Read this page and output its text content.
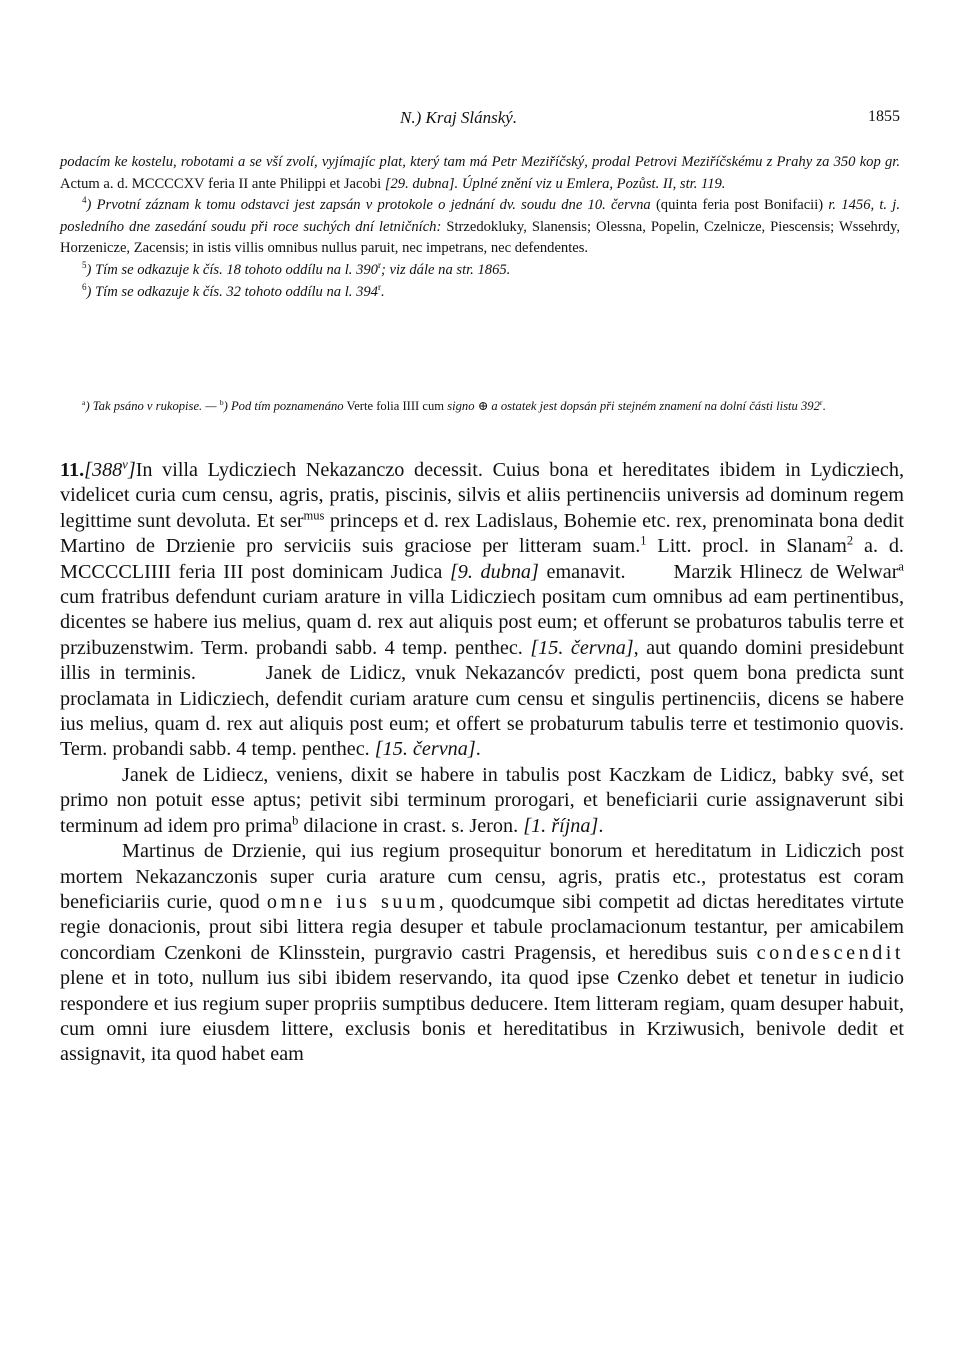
N.) Kraj Slánský.	1855

podacím ke kostelu, robotami a se vší zvolí, vyjímajíc plat, který tam má Petr Meziříčský, prodal Petrovi Meziříčskému z Prahy za 350 kop gr. Actum a. d. MCCCCXV feria II ante Philippi et Jacobi [29. dubna]. Úplné znění viz u Emlera, Pozůst. II, str. 119.

$^4$) Prvotní záznam k tomu odstavci jest zapsán v protokole o jednání dv. soudu dne 10. června (quinta feria post Bonifacii) r. 1456, t. j. posledního dne zasedání soudu při roce suchých dní letničních: Strzedokluky, Slanensis; Olessna, Popelin, Czelnicze, Piescensis; Wssehrdy, Horzenicze, Zacensis; in istis villis omnibus nullus paruit, nec impetrans, nec defendentes.

$^5$) Tím se odkazuje k čís. 18 tohoto oddílu na l. 390$^r$; viz dále na str. 1865.

$^6$) Tím se odkazuje k čís. 32 tohoto oddílu na l. 394$^r$.

$^a$) Tak psáno v rukopise. — $^b$) Pod tím poznamenáno Verte folia IIII cum signo ⊕ a ostatek jest dopsán při stejném znamení na dolní části listu 392$^r$.

11.[388$^v$]In villa Lydicziech Nekazanczo decessit. Cuius bona et hereditates ibidem in Lydicziech, videlicet curia cum censu, agris, pratis, piscinis, silvis et aliis pertinenciis universis ad dominum regem legittime sunt devoluta. Et ser$^{mus}$ princeps et d. rex Ladislaus, Bohemie etc. rex, prenominata bona dedit Martino de Drzienie pro serviciis suis graciose per litteram suam.$^1$ Litt. procl. in Slanam$^2$ a. d. MCCCCLIIII feria III post dominicam Judica [9. dubna] emanavit.   Marzik Hlinecz de Welwar$^a$ cum fratribus defendunt curiam arature in villa Lidicziech positam cum omnibus ad eam pertinentibus, dicentes se habere ius melius, quam d. rex aut aliquis post eum; et offerunt se probaturos tabulis terre et przibuzenstwim. Term. probandi sabb. 4 temp. penthec. [15. června], aut quando domini presidebunt illis in terminis.   	Janek de Lidicz, vnuk Nekazancóv predicti, post quem bona predicta sunt proclamata in Lidicziech, defendit curiam arature cum censu et singulis pertinenciis, dicens se habere ius melius, quam d. rex aut aliquis post eum; et offert se probaturum tabulis terre et testimonio quovis. Term. probandi sabb. 4 temp. penthec. [15. června].

Janek de Lidiecz, veniens, dixit se habere in tabulis post Kaczkam de Lidicz, babky své, set primo non potuit esse aptus; petivit sibi terminum prorogari, et beneficiarii curie assignaverunt sibi terminum ad idem pro prima$^b$ dilacione in crast. s. Jeron. [1. října].

Martinus de Drzienie, qui ius regium prosequitur bonorum et hereditatum in Lidiczich post mortem Nekazanczonis super curia arature cum censu, agris, pratis etc., protestatus est coram beneficiariis curie, quod omne ius suum, quodcumque sibi competit ad dictas hereditates virtute regie donacionis, prout sibi littera regia desuper et tabule proclamacionum testantur, per amicabilem concordiam Czenkoni de Klinsstein, purgravio castri Pragensis, et heredibus suis condescendit plene et in toto, nullum ius sibi ibidem reservando, ita quod ipse Czenko debet et tenetur in iudicio respondere et ius regium super propriis sumptibus deducere. Item litteram regiam, quam desuper habuit, cum omni iure eiusdem littere, exclusis bonis et hereditatibus in Krziwusich, benivole dedit et assignavit, ita quod habet eam
